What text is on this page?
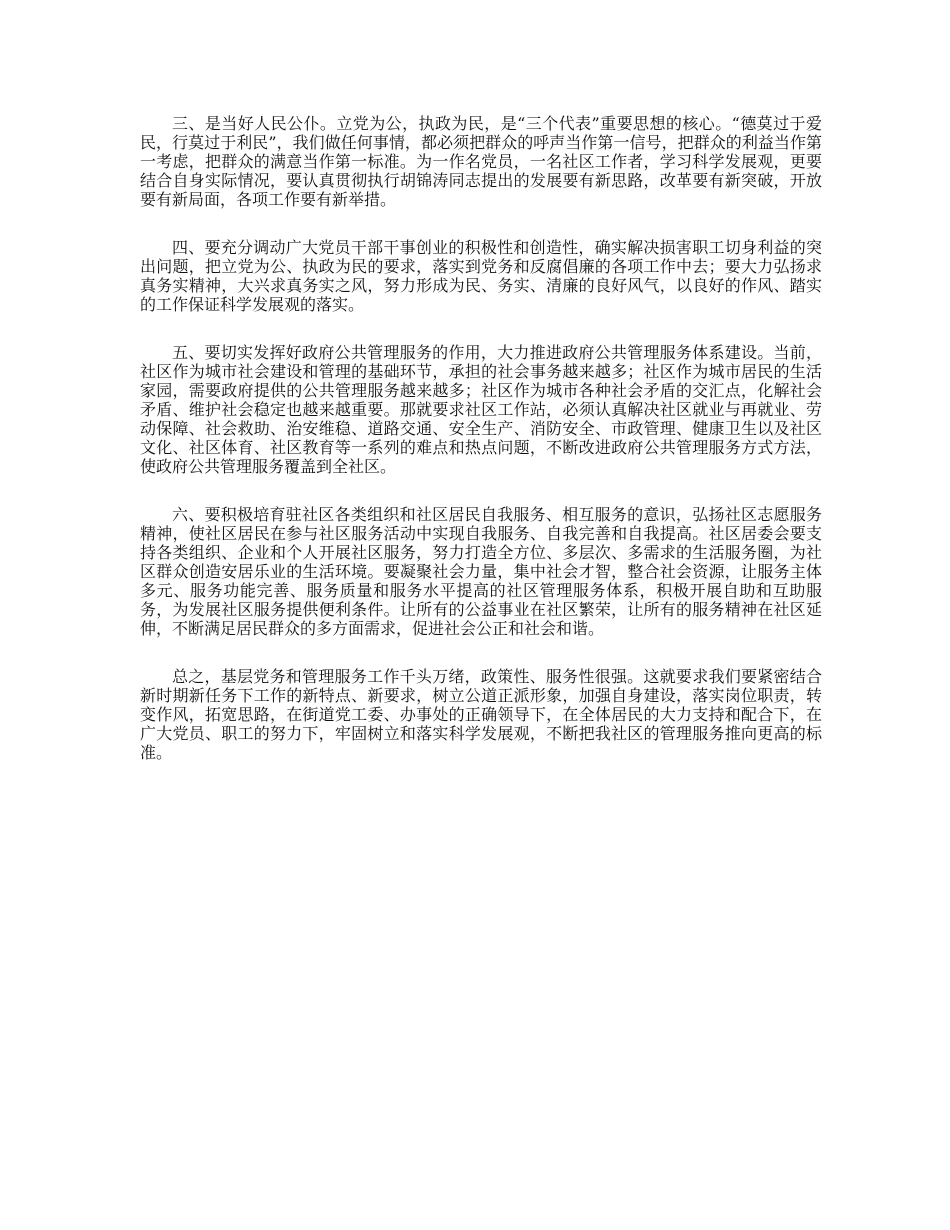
三、是当好人民公仆。立党为公，执政为民，是“三个代表”重要思想的核心。“德莫过于爱民，行莫过于利民”，我们做任何事情，都必须把群众的呼声当作第一信号，把群众的利益当作第一考虑，把群众的满意当作第一标准。为一作名党员，一名社区工作者，学习科学发展观，更要结合自身实际情况，要认真贯彻执行胡锦涛同志提出的发展要有新思路，改革要有新突破，开放要有新局面，各项工作要有新举措。

四、要充分调动广大党员干部干事创业的积极性和创造性，确实解决损害职工切身利益的突出问题，把立党为公、执政为民的要求，落实到党务和反腐倡廉的各项工作中去；要大力弘扬求真务实精神，大兴求真务实之风，努力形成为民、务实、清廉的良好风气，以良好的作风、踏实的工作保证科学发展观的落实。

五、要切实发挥好政府公共管理服务的作用，大力推进政府公共管理服务体系建设。当前，社区作为城市社会建设和管理的基础环节，承担的社会事务越来越多；社区作为城市居民的生活家园，需要政府提供的公共管理服务越来越多；社区作为城市各种社会矛盾的交汇点，化解社会矛盾、维护社会稳定也越来越重要。那就要求社区工作站，必须认真解决社区就业与再就业、劳动保障、社会救助、治安维稳、道路交通、安全生产、消防安全、市政管理、健康卫生以及社区文化、社区体育、社区教育等一系列的难点和热点问题，不断改进政府公共管理服务方式方法，使政府公共管理服务覆盖到全社区。

六、要积极培育驻社区各类组织和社区居民自我服务、相互服务的意识，弘扬社区志愿服务精神，使社区居民在参与社区服务活动中实现自我服务、自我完善和自我提高。社区居委会要支持各类组织、企业和个人开展社区服务，努力打造全方位、多层次、多需求的生活服务圈，为社区群众创造安居乐业的生活环境。要凝聚社会力量，集中社会才智，整合社会资源，让服务主体多元、服务功能完善、服务质量和服务水平提高的社区管理服务体系，积极开展自助和互助服务，为发展社区服务提供便利条件。让所有的公益事业在社区繁荣，让所有的服务精神在社区延伸，不断满足居民群众的多方面需求，促进社会公正和社会和谐。

总之，基层党务和管理服务工作千头万绪，政策性、服务性很强。这就要求我们要紧密结合新时期新任务下工作的新特点、新要求，树立公道正派形象，加强自身建设，落实岗位职责，转变作风，拓宽思路，在街道党工委、办事处的正确领导下，在全体居民的大力支持和配合下，在广大党员、职工的努力下，牢固树立和落实科学发展观，不断把我社区的管理服务推向更高的标准。
